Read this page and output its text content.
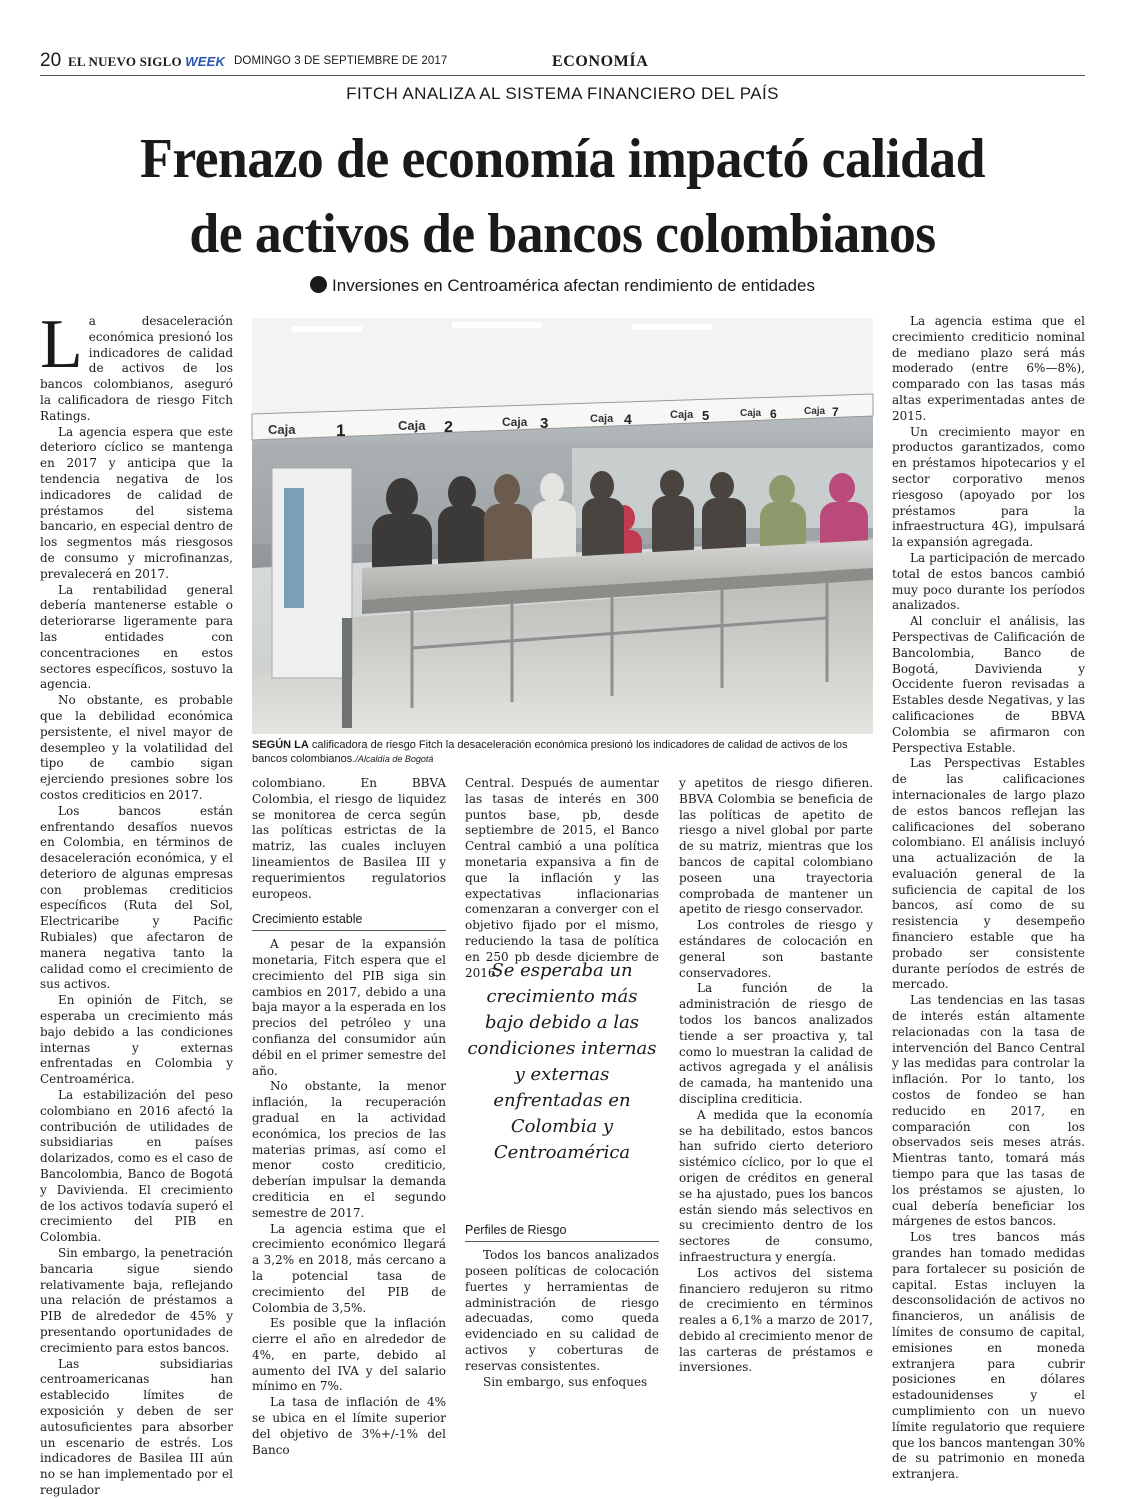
20 EL NUEVO SIGLO WEEK DOMINGO 3 DE SEPTIEMBRE DE 2017	ECONOMÍA
FITCH ANALIZA AL SISTEMA FINANCIERO DEL PAÍS
Frenazo de economía impactó calidad
de activos de bancos colombianos
Inversiones en Centroamérica afectan rendimiento de entidades

La desaceleración económica presionó los indicadores de calidad de activos de los bancos colombianos, aseguró la calificadora de riesgo Fitch Ratings.

La agencia espera que este deterioro cíclico se mantenga en 2017 y anticipa que la tendencia negativa de los indicadores de calidad de préstamos del sistema bancario, en especial dentro de los segmentos más riesgosos de consumo y microfinanzas, prevalecerá en 2017.

La rentabilidad general debería mantenerse estable o deteriorarse ligeramente para las entidades con concentraciones en estos sectores específicos, sostuvo la agencia.

No obstante, es probable que la debilidad económica persistente, el nivel mayor de desempleo y la volatilidad del tipo de cambio sigan ejerciendo presiones sobre los costos crediticios en 2017.

Los bancos están enfrentando desafíos nuevos en Colombia, en términos de desaceleración económica, y el deterioro de algunas empresas con problemas crediticios específicos (Ruta del Sol, Electricaribe y Pacific Rubiales) que afectaron de manera negativa tanto la calidad como el crecimiento de sus activos.

En opinión de Fitch, se esperaba un crecimiento más bajo debido a las condiciones internas y externas enfrentadas en Colombia y Centroamérica.

La estabilización del peso colombiano en 2016 afectó la contribución de utilidades de subsidiarias en países dolarizados, como es el caso de Bancolombia, Banco de Bogotá y Davivienda. El crecimiento de los activos todavía superó el crecimiento del PIB en Colombia.

Sin embargo, la penetración bancaria sigue siendo relativamente baja, reflejando una relación de préstamos a PIB de alrededor de 45% y presentando oportunidades de crecimiento para estos bancos.

Las subsidiarias centroamericanas han establecido límites de exposición y deben de ser autosuficientes para absorber un escenario de estrés. Los indicadores de Basilea III aún no se han implementado por el regulador

Caja 1	Caja 2	Caja 3	Caja 4	Caja 5	Caja 6	Caja 7
SEGÚN LA calificadora de riesgo Fitch la desaceleración económica presionó los indicadores de calidad de activos de los bancos colombianos./Alcaldía de Bogotá

colombiano. En BBVA Colombia, el riesgo de liquidez se monitorea de cerca según las políticas estrictas de la matriz, las cuales incluyen lineamientos de Basilea III y requerimientos regulatorios europeos.

Crecimiento estable

A pesar de la expansión monetaria, Fitch espera que el crecimiento del PIB siga sin cambios en 2017, debido a una baja mayor a la esperada en los precios del petróleo y una confianza del consumidor aún débil en el primer semestre del año.

No obstante, la menor inflación, la recuperación gradual en la actividad económica, los precios de las materias primas, así como el menor costo crediticio, deberían impulsar la demanda crediticia en el segundo semestre de 2017.

La agencia estima que el crecimiento económico llegará a 3,2% en 2018, más cercano a la potencial tasa de crecimiento del PIB de Colombia de 3,5%.

Es posible que la inflación cierre el año en alrededor de 4%, en parte, debido al aumento del IVA y del salario mínimo en 7%.

La tasa de inflación de 4% se ubica en el límite superior del objetivo de 3%+/-1% del Banco

Central. Después de aumentar las tasas de interés en 300 puntos base, pb, desde septiembre de 2015, el Banco Central cambió a una política monetaria expansiva a fin de que la inflación y las expectativas inflacionarias comenzaran a converger con el objetivo fijado por el mismo, reduciendo la tasa de política en 250 pb desde diciembre de 2016.

Perfiles de Riesgo

Todos los bancos analizados poseen políticas de colocación fuertes y herramientas de administración de riesgo adecuadas, como queda evidenciado en su calidad de activos y coberturas de reservas consistentes.

Sin embargo, sus enfoques

Se esperaba un crecimiento más bajo debido a las condiciones internas y externas enfrentadas en Colombia y Centroamérica

y apetitos de riesgo difieren. BBVA Colombia se beneficia de las políticas de apetito de riesgo a nivel global por parte de su matriz, mientras que los bancos de capital colombiano poseen una trayectoria comprobada de mantener un apetito de riesgo conservador.

Los controles de riesgo y estándares de colocación en general son bastante conservadores.

La función de la administración de riesgo de todos los bancos analizados tiende a ser proactiva y, tal como lo muestran la calidad de activos agregada y el análisis de camada, ha mantenido una disciplina crediticia.

A medida que la economía se ha debilitado, estos bancos han sufrido cierto deterioro sistémico cíclico, por lo que el origen de créditos en general se ha ajustado, pues los bancos están siendo más selectivos en su crecimiento dentro de los sectores de consumo, infraestructura y energía.

Los activos del sistema financiero redujeron su ritmo de crecimiento en términos reales a 6,1% a marzo de 2017, debido al crecimiento menor de las carteras de préstamos e inversiones.

La agencia estima que el crecimiento crediticio nominal de mediano plazo será más moderado (entre 6%—8%), comparado con las tasas más altas experimentadas antes de 2015.

Un crecimiento mayor en productos garantizados, como en préstamos hipotecarios y el sector corporativo menos riesgoso (apoyado por los préstamos para la infraestructura 4G), impulsará la expansión agregada.

La participación de mercado total de estos bancos cambió muy poco durante los períodos analizados.

Al concluir el análisis, las Perspectivas de Calificación de Bancolombia, Banco de Bogotá, Davivienda y Occidente fueron revisadas a Estables desde Negativas, y las calificaciones de BBVA Colombia se afirmaron con Perspectiva Estable.

Las Perspectivas Estables de las calificaciones internacionales de largo plazo de estos bancos reflejan las calificaciones del soberano colombiano. El análisis incluyó una actualización de la evaluación general de la suficiencia de capital de los bancos, así como de su resistencia y desempeño financiero estable que ha probado ser consistente durante períodos de estrés de mercado.

Las tendencias en las tasas de interés están altamente relacionadas con la tasa de intervención del Banco Central y las medidas para controlar la inflación. Por lo tanto, los costos de fondeo se han reducido en 2017, en comparación con los observados seis meses atrás. Mientras tanto, tomará más tiempo para que las tasas de los préstamos se ajusten, lo cual debería beneficiar los márgenes de estos bancos.

Los tres bancos más grandes han tomado medidas para fortalecer su posición de capital. Estas incluyen la desconsolidación de activos no financieros, un análisis de límites de consumo de capital, emisiones en moneda extranjera para cubrir posiciones en dólares estadounidenses y el cumplimiento con un nuevo límite regulatorio que requiere que los bancos mantengan 30% de su patrimonio en moneda extranjera.
